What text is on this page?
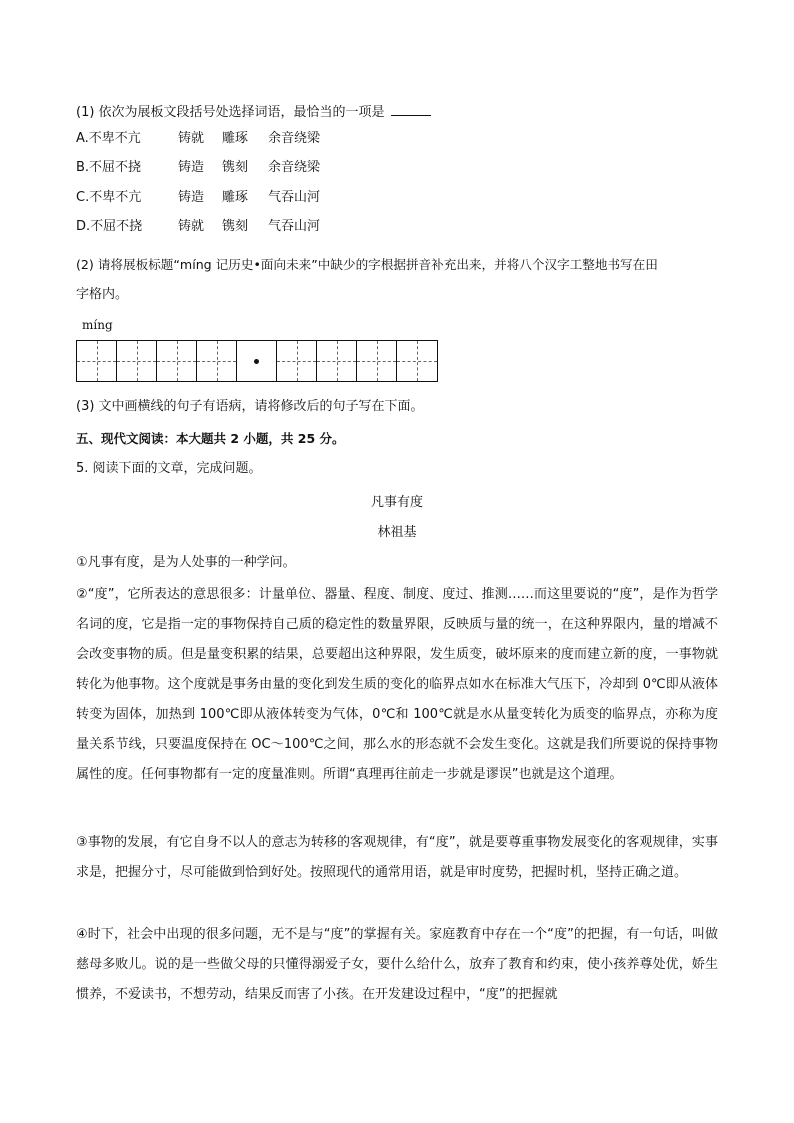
(1) 依次为展板文段括号处选择词语，最恰当的一项是
A.不卑不亢	铸就 雕琢 余音绕梁
B.不屈不挠	铸造 镌刻 余音绕梁
C.不卑不亢	铸造 雕琢 气吞山河
D.不屈不挠	铸就 镌刻 气吞山河
(2) 请将展板标题“míng 记历史•面向未来”中缺少的字根据拼音补充出来，并将八个汉字工整地书写在田
字格内。
míng
(3) 文中画横线的句子有语病，请将修改后的句子写在下面。
五、现代文阅读：本大题共 2 小题，共 25 分。
5. 阅读下面的文章，完成问题。
凡事有度
林祖基
①凡事有度，是为人处事的一种学问。
②“度”，它所表达的意思很多：计量单位、器量、程度、制度、度过、推测……而这里要说的“度”，是作为哲学名词的度，它是指一定的事物保持自己质的稳定性的数量界限，反映质与量的统一，在这种界限内，量的增减不会改变事物的质。但是量变积累的结果，总要超出这种界限，发生质变，破坏原来的度而建立新的度，一事物就转化为他事物。这个度就是事务由量的变化到发生质的变化的临界点如水在标准大气压下，冷却到 0℃即从液体转变为固体，加热到 100℃即从液体转变为气体，0℃和 100℃就是水从量变转化为质变的临界点，亦称为度量关系节线，只要温度保持在 OC～100℃之间，那么水的形态就不会发生变化。这就是我们所要说的保持事物属性的度。任何事物都有一定的度量准则。所谓“真理再往前走一步就是谬误”也就是这个道理。
③事物的发展，有它自身不以人的意志为转移的客观规律，有“度”，就是要尊重事物发展变化的客观规律，实事求是，把握分寸，尽可能做到恰到好处。按照现代的通常用语，就是审时度势，把握时机，坚持正确之道。
④时下，社会中出现的很多问题，无不是与“度”的掌握有关。家庭教育中存在一个“度”的把握，有一句话，叫做慈母多败儿。说的是一些做父母的只懂得溺爱子女，要什么给什么，放弃了教育和约束，使小孩养尊处优，娇生惯养，不爱读书，不想劳动，结果反而害了小孩。在开发建设过程中，“度”的把握就
